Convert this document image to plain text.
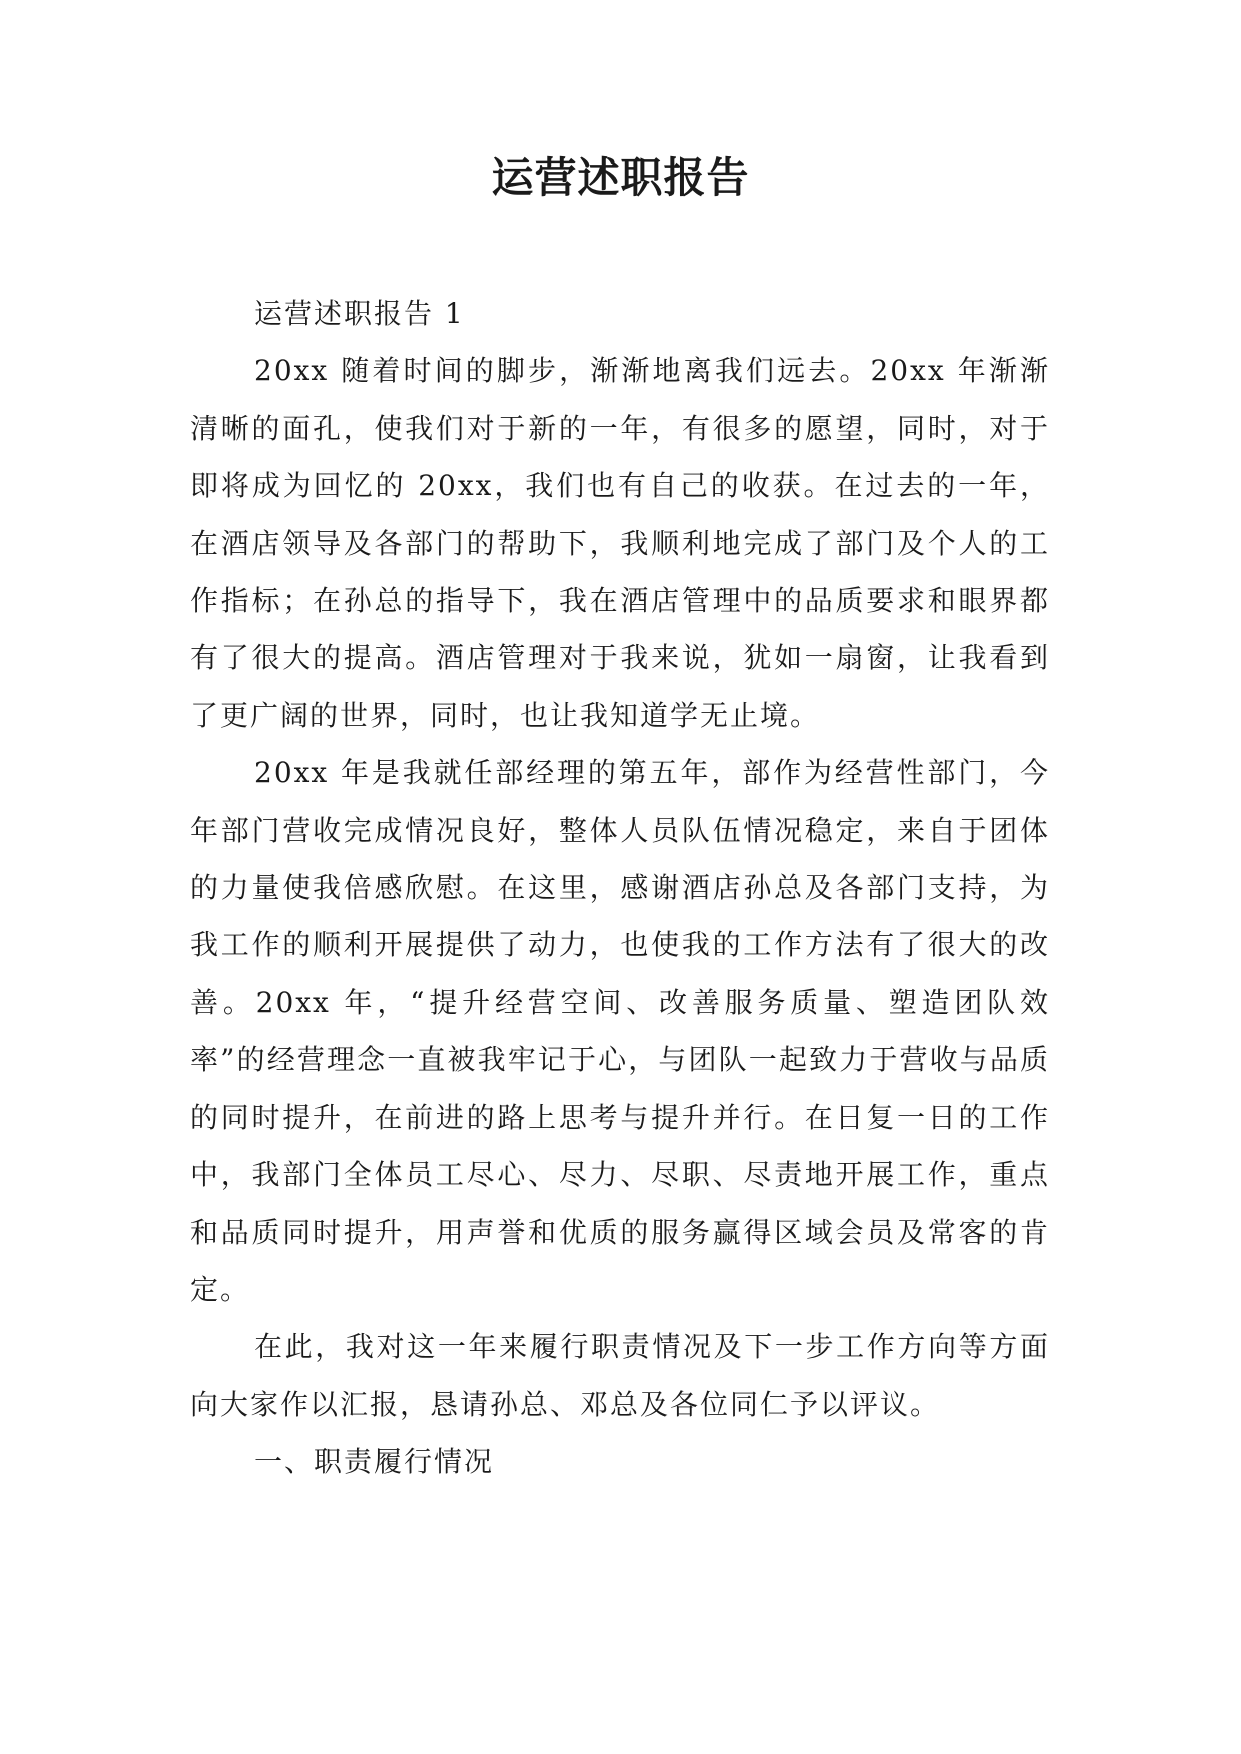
运营述职报告

运营述职报告 1

20xx 随着时间的脚步，渐渐地离我们远去。20xx 年渐渐清晰的面孔，使我们对于新的一年，有很多的愿望，同时，对于即将成为回忆的 20xx，我们也有自己的收获。在过去的一年，在酒店领导及各部门的帮助下，我顺利地完成了部门及个人的工作指标；在孙总的指导下，我在酒店管理中的品质要求和眼界都有了很大的提高。酒店管理对于我来说，犹如一扇窗，让我看到了更广阔的世界，同时，也让我知道学无止境。

20xx 年是我就任部经理的第五年，部作为经营性部门，今年部门营收完成情况良好，整体人员队伍情况稳定，来自于团体的力量使我倍感欣慰。在这里，感谢酒店孙总及各部门支持，为我工作的顺利开展提供了动力，也使我的工作方法有了很大的改善。20xx 年，“提升经营空间、改善服务质量、塑造团队效率”的经营理念一直被我牢记于心，与团队一起致力于营收与品质的同时提升，在前进的路上思考与提升并行。在日复一日的工作中，我部门全体员工尽心、尽力、尽职、尽责地开展工作，重点和品质同时提升，用声誉和优质的服务赢得区域会员及常客的肯定。

在此，我对这一年来履行职责情况及下一步工作方向等方面向大家作以汇报，恳请孙总、邓总及各位同仁予以评议。

一、职责履行情况
